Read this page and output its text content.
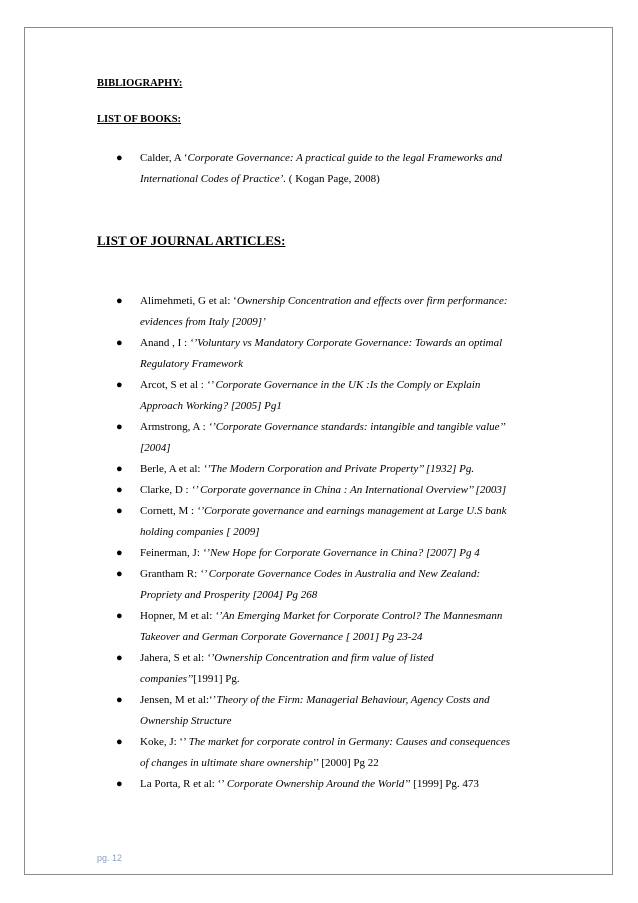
BIBLIOGRAPHY:
LIST OF BOOKS:
● Calder, A ‘Corporate Governance: A practical guide to the legal Frameworks and
International Codes of Practice’. ( Kogan Page, 2008)
LIST OF JOURNAL ARTICLES:
● Alimehmeti, G et al: ‘Ownership Concentration and effects over firm performance:
evidences from Italy [2009]’
● Anand , I : ‘’Voluntary vs Mandatory Corporate Governance: Towards an optimal
Regulatory Framework
● Arcot, S et al : ‘’ Corporate Governance in the UK :Is the Comply or Explain
Approach Working? [2005] Pg1
● Armstrong, A : ‘’Corporate Governance standards: intangible and tangible value’’
[2004]
● Berle, A et al: ‘’The Modern Corporation and Private Property’’ [1932] Pg.
● Clarke, D : ‘’ Corporate governance in China : An International Overview’’ [2003]
● Cornett, M : ‘’Corporate governance and earnings management at Large U.S bank
holding companies [ 2009]
● Feinerman, J: ‘’New Hope for Corporate Governance in China? [2007] Pg 4
● Grantham R: ‘’ Corporate Governance Codes in Australia and New Zealand:
Propriety and Prosperity [2004] Pg 268
● Hopner, M et al: ‘’An Emerging Market for Corporate Control? The Mannesmann
Takeover and German Corporate Governance [ 2001] Pg 23-24
● Jahera, S et al: ‘’Ownership Concentration and firm value of listed
companies’’[1991] Pg.
● Jensen, M et al:‘’Theory of the Firm: Managerial Behaviour, Agency Costs and
Ownership Structure
● Koke, J: ‘’ The market for corporate control in Germany: Causes and consequences
of changes in ultimate share ownership’’ [2000] Pg 22
● La Porta, R et al: ‘’ Corporate Ownership Around the World’’ [1999] Pg. 473
pg. 12
